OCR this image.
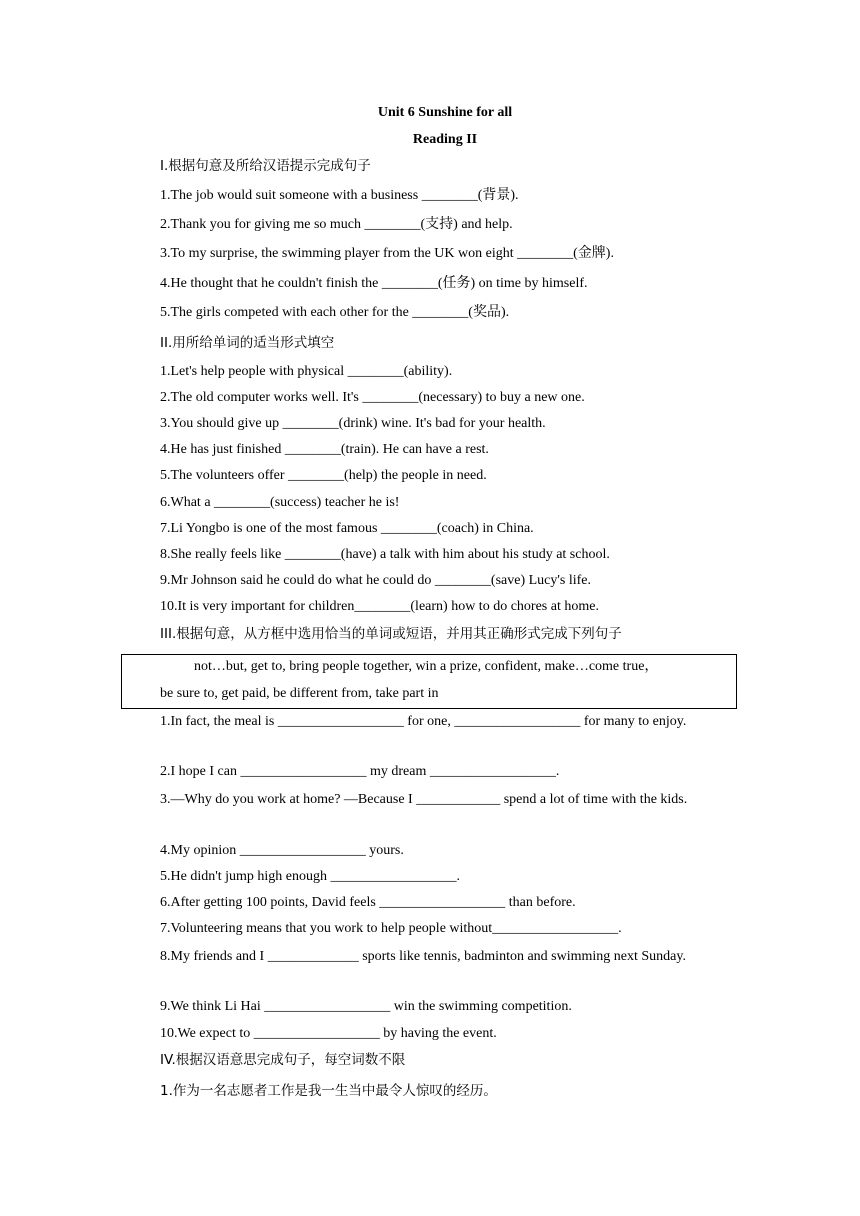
Unit 6 Sunshine for all

Reading II

I.根据句意及所给汉语提示完成句子

1.The job would suit someone with a business ________(背景).

2.Thank you for giving me so much ________(支持) and help.

3.To my surprise, the swimming player from the UK won eight ________(金牌).

4.He thought that he couldn't finish the ________(任务) on time by himself.

5.The girls competed with each other for the ________(奖品).

II.用所给单词的适当形式填空

1.Let's help people with physical ________(ability).

2.The old computer works well. It's ________(necessary) to buy a new one.

3.You should give up ________(drink) wine. It's bad for your health.

4.He has just finished ________(train). He can have a rest.

5.The volunteers offer ________(help) the people in need.

6.What a ________(success) teacher he is!

7.Li Yongbo is one of the most famous ________(coach) in China.

8.She really feels like ________(have) a talk with him about his study at school.

9.Mr Johnson said he could do what he could do ________(save) Lucy's life.

10.It is very important for children________(learn) how to do chores at home.

III.根据句意，从方框中选用恰当的单词或短语，并用其正确形式完成下列句子

not…but, get to, bring people together, win a prize, confident, make…come true，
be sure to, get paid, be different from, take part in

1.In fact, the meal is __________________ for one, __________________ for many to enjoy.

2.I hope I can __________________ my dream __________________.

3.—Why do you work at home? —Because I ____________ spend a lot of time with the kids.

4.My opinion __________________ yours.

5.He didn't jump high enough __________________.

6.After getting 100 points, David feels __________________ than before.

7.Volunteering means that you work to help people without__________________.

8.My friends and I _____________ sports like tennis, badminton and swimming next Sunday.

9.We think Li Hai __________________ win the swimming competition.

10.We expect to __________________ by having the event.

IV.根据汉语意思完成句子，每空词数不限

1.作为一名志愿者工作是我一生当中最令人惊叹的经历。
